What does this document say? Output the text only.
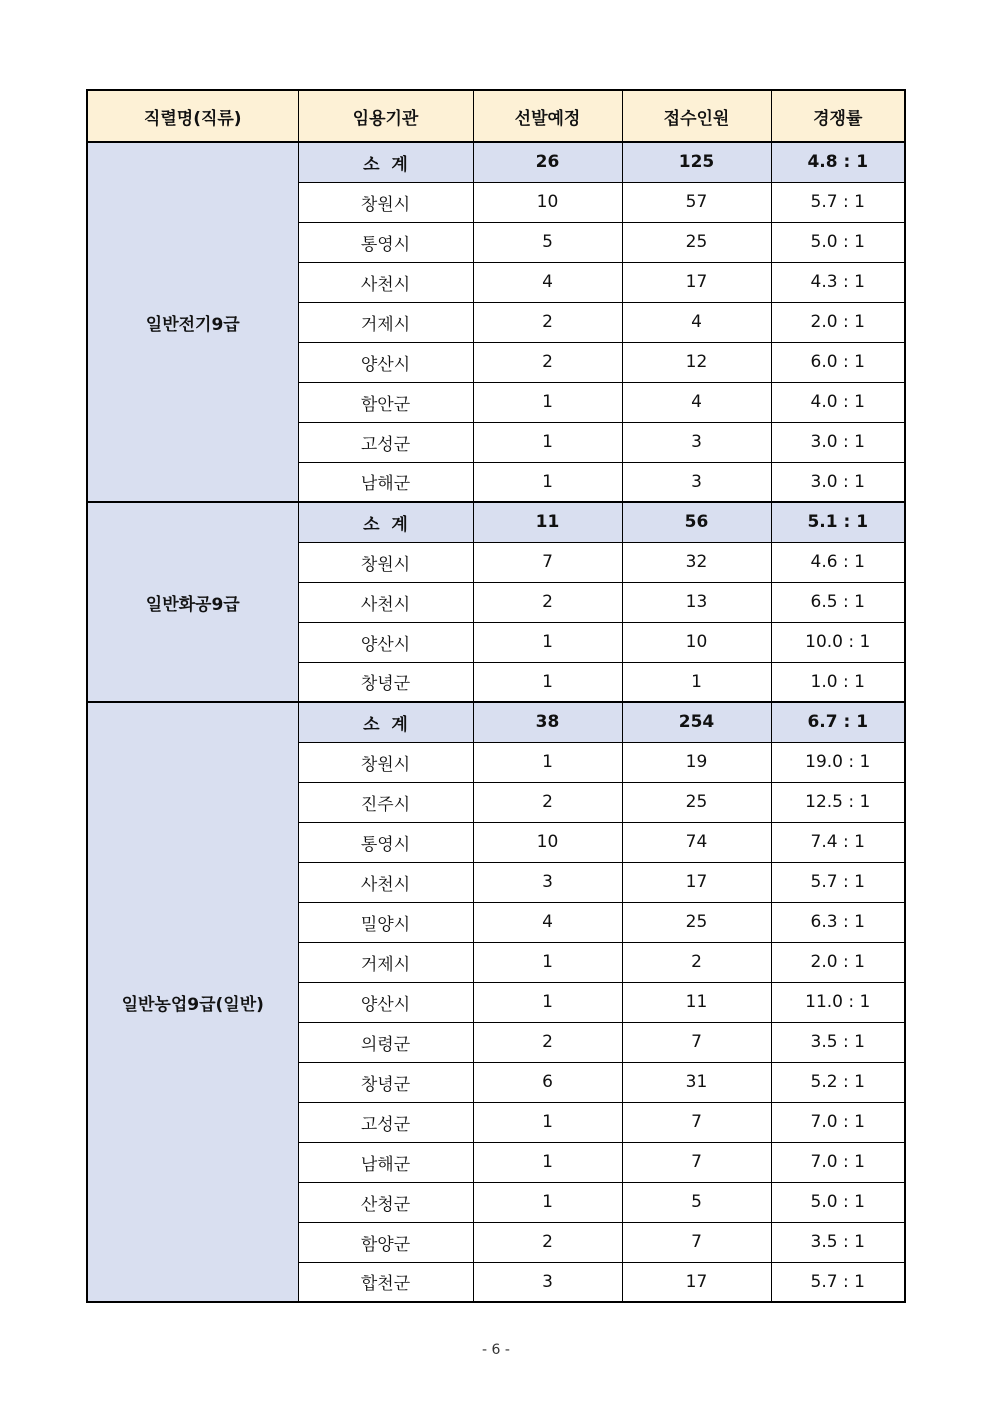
직렬명(직류)	임용기관	선발예정	접수인원	경쟁률
일반전기9급	소  계	26	125	4.8 : 1
	창원시	10	57	5.7 : 1
	통영시	5	25	5.0 : 1
	사천시	4	17	4.3 : 1
	거제시	2	4	2.0 : 1
	양산시	2	12	6.0 : 1
	함안군	1	4	4.0 : 1
	고성군	1	3	3.0 : 1
	남해군	1	3	3.0 : 1
일반화공9급	소  계	11	56	5.1 : 1
	창원시	7	32	4.6 : 1
	사천시	2	13	6.5 : 1
	양산시	1	10	10.0 : 1
	창녕군	1	1	1.0 : 1
일반농업9급(일반)	소  계	38	254	6.7 : 1
	창원시	1	19	19.0 : 1
	진주시	2	25	12.5 : 1
	통영시	10	74	7.4 : 1
	사천시	3	17	5.7 : 1
	밀양시	4	25	6.3 : 1
	거제시	1	2	2.0 : 1
	양산시	1	11	11.0 : 1
	의령군	2	7	3.5 : 1
	창녕군	6	31	5.2 : 1
	고성군	1	7	7.0 : 1
	남해군	1	7	7.0 : 1
	산청군	1	5	5.0 : 1
	함양군	2	7	3.5 : 1
	합천군	3	17	5.7 : 1
- 6 -
